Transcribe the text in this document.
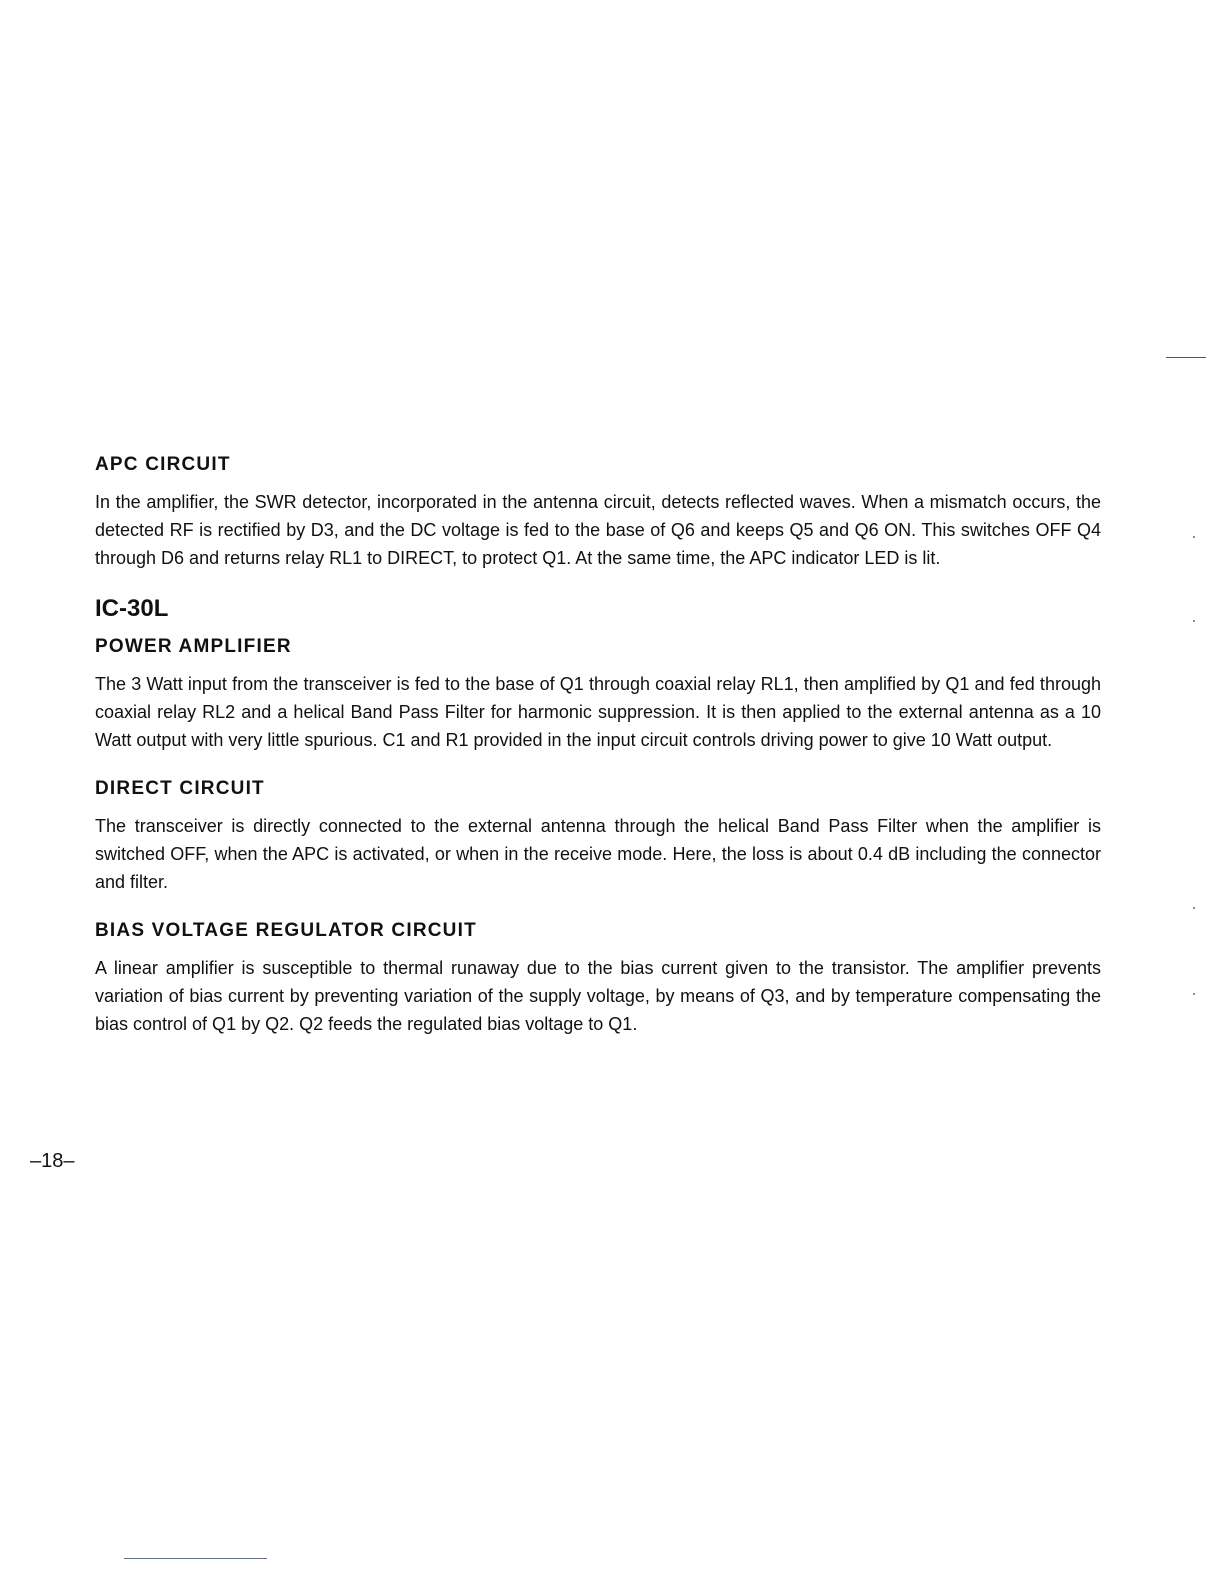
APC CIRCUIT

In the amplifier, the SWR detector, incorporated in the antenna circuit, detects reflected waves. When a mismatch occurs, the detected RF is rectified by D3, and the DC voltage is fed to the base of Q6 and keeps Q5 and Q6 ON. This switches OFF Q4 through D6 and returns relay RL1 to DIRECT, to protect Q1. At the same time, the APC indicator LED is lit.

IC-30L
POWER AMPLIFIER

The 3 Watt input from the transceiver is fed to the base of Q1 through coaxial relay RL1, then amplified by Q1 and fed through coaxial relay RL2 and a helical Band Pass Filter for harmonic suppression. It is then applied to the external antenna as a 10 Watt output with very little spurious. C1 and R1 provided in the input circuit controls driving power to give 10 Watt output.

DIRECT CIRCUIT

The transceiver is directly connected to the external antenna through the helical Band Pass Filter when the amplifier is switched OFF, when the APC is activated, or when in the receive mode. Here, the loss is about 0.4 dB including the connector and filter.

BIAS VOLTAGE REGULATOR CIRCUIT

A linear amplifier is susceptible to thermal runaway due to the bias current given to the transistor. The amplifier prevents variation of bias current by preventing variation of the supply voltage, by means of Q3, and by temperature compensating the bias control of Q1 by Q2. Q2 feeds the regulated bias voltage to Q1.

–18–
